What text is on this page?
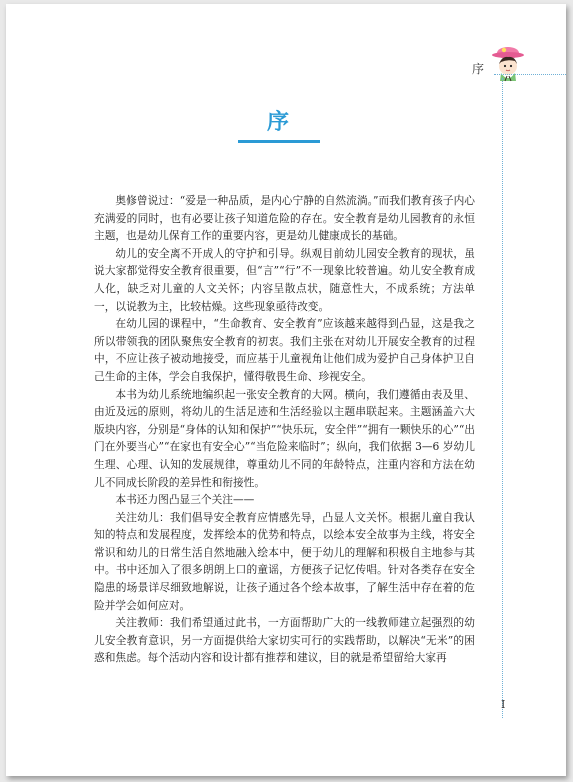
序
序

奥修曾说过：“爱是一种品质，是内心宁静的自然流淌。”而我们教育孩子内心充满爱的同时，也有必要让孩子知道危险的存在。安全教育是幼儿园教育的永恒主题，也是幼儿保育工作的重要内容，更是幼儿健康成长的基础。

幼儿的安全离不开成人的守护和引导。纵观目前幼儿园安全教育的现状，虽说大家都觉得安全教育很重要，但“言”“行”不一现象比较普遍。幼儿安全教育成人化，缺乏对儿童的人文关怀；内容呈散点状，随意性大，不成系统；方法单一，以说教为主，比较枯燥。这些现象亟待改变。

在幼儿园的课程中，“生命教育、安全教育”应该越来越得到凸显，这是我之所以带领我的团队聚焦安全教育的初衷。我们主张在对幼儿开展安全教育的过程中，不应让孩子被动地接受，而应基于儿童视角让他们成为爱护自己身体护卫自己生命的主体，学会自我保护，懂得敬畏生命、珍视安全。

本书为幼儿系统地编织起一张安全教育的大网。横向，我们遵循由表及里、由近及远的原则，将幼儿的生活足迹和生活经验以主题串联起来。主题涵盖六大版块内容，分别是“身体的认知和保护”“快乐玩，安全伴”“拥有一颗快乐的心”“出门在外要当心”“在家也有安全心”“当危险来临时”；纵向，我们依据 3—6 岁幼儿生理、心理、认知的发展规律，尊重幼儿不同的年龄特点，注重内容和方法在幼儿不同成长阶段的差异性和衔接性。

本书还力图凸显三个关注——

关注幼儿：我们倡导安全教育应情感先导，凸显人文关怀。根据儿童自我认知的特点和发展程度，发挥绘本的优势和特点，以绘本安全故事为主线，将安全常识和幼儿的日常生活自然地融入绘本中，便于幼儿的理解和积极自主地参与其中。书中还加入了很多朗朗上口的童谣，方便孩子记忆传唱。针对各类存在安全隐患的场景详尽细致地解说，让孩子通过各个绘本故事，了解生活中存在着的危险并学会如何应对。

关注教师：我们希望通过此书，一方面帮助广大的一线教师建立起强烈的幼儿安全教育意识，另一方面提供给大家切实可行的实践帮助，以解决“无米”的困惑和焦虑。每个活动内容和设计都有推荐和建议，目的就是希望留给大家再

I
